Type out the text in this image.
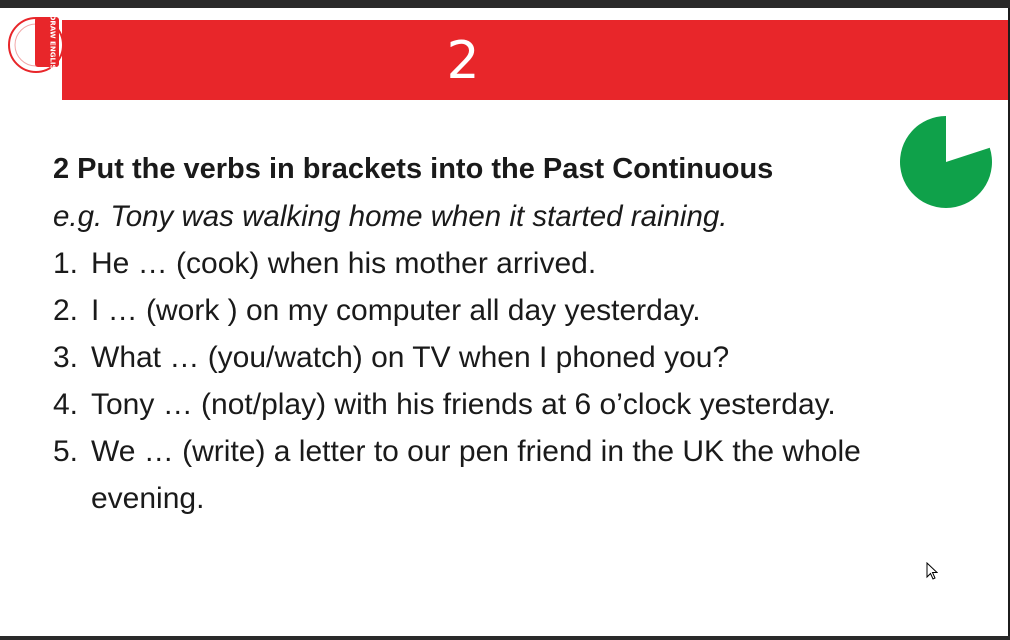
2
DRAW ENGLISH
2 Put the verbs in brackets into the Past Continuous
e.g. Tony was walking home when it started raining.
1. He … (cook) when his mother arrived.
2. I … (work ) on my computer all day yesterday.
3. What … (you/watch) on TV when I phoned you?
4. Tony … (not/play) with his friends at 6 o’clock yesterday.
5. We … (write) a letter to our pen friend in the UK the whole evening.
